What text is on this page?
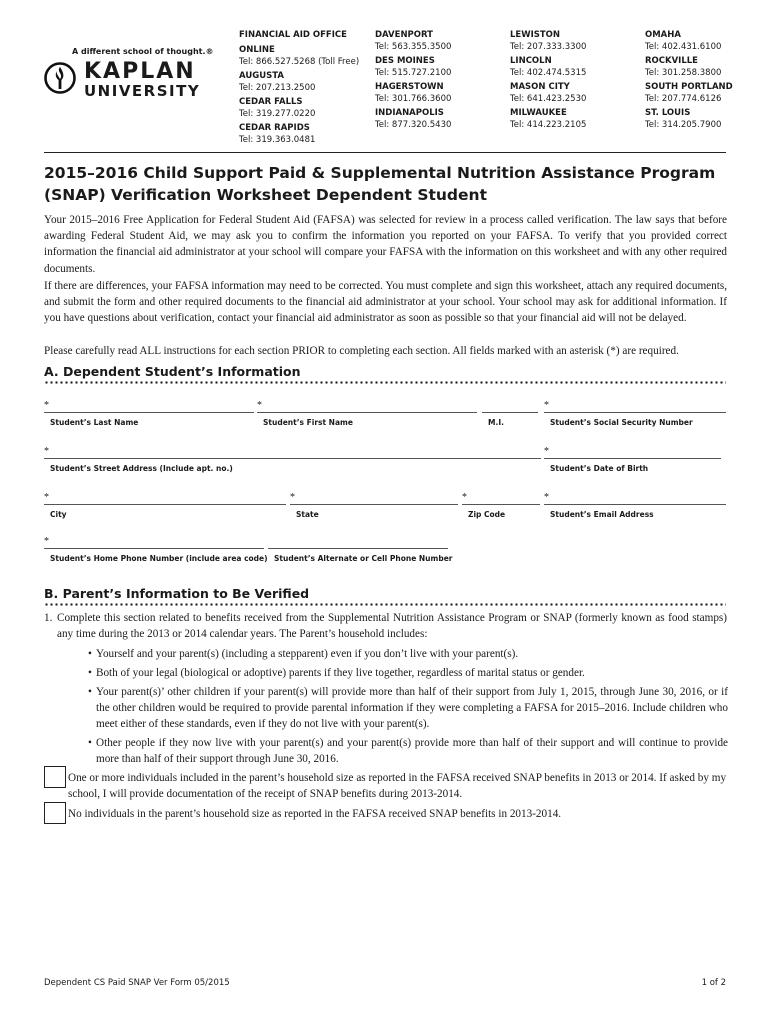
A different school of thought.®
KAPLAN
UNIVERSITY
FINANCIAL AID OFFICE
ONLINE
Tel: 866.527.5268 (Toll Free)
AUGUSTA
Tel: 207.213.2500
CEDAR FALLS
Tel: 319.277.0220
CEDAR RAPIDS
Tel: 319.363.0481
DAVENPORT
Tel: 563.355.3500
DES MOINES
Tel: 515.727.2100
HAGERSTOWN
Tel: 301.766.3600
INDIANAPOLIS
Tel: 877.320.5430
LEWISTON
Tel: 207.333.3300
LINCOLN
Tel: 402.474.5315
MASON CITY
Tel: 641.423.2530
MILWAUKEE
Tel: 414.223.2105
OMAHA
Tel: 402.431.6100
ROCKVILLE
Tel: 301.258.3800
SOUTH PORTLAND
Tel: 207.774.6126
ST. LOUIS
Tel: 314.205.7900
2015–2016 Child Support Paid & Supplemental Nutrition Assistance Program (SNAP) Verification Worksheet Dependent Student

Your 2015–2016 Free Application for Federal Student Aid (FAFSA) was selected for review in a process called verification. The law says that before awarding Federal Student Aid, we may ask you to confirm the information you reported on your FAFSA. To verify that you provided correct information the financial aid administrator at your school will compare your FAFSA with the information on this worksheet and with any other required documents.

If there are differences, your FAFSA information may need to be corrected. You must complete and sign this worksheet, attach any required documents, and submit the form and other required documents to the financial aid administrator at your school. Your school may ask for additional information. If you have questions about verification, contact your financial aid administrator as soon as possible so that your financial aid will not be delayed.

Please carefully read ALL instructions for each section PRIOR to completing each section. All fields marked with an asterisk (*) are required.

A. Dependent Student’s Information
*
Student’s Last Name
*
Student’s First Name	M.I.
*
Student’s Social Security Number
*
Student’s Street Address (Include apt. no.)
*
Student’s Date of Birth
*
City
*
State
*
Zip Code
*
Student’s Email Address
*
Student’s Home Phone Number (include area code) Student’s Alternate or Cell Phone Number
B. Parent’s Information to Be Verified
1. Complete this section related to benefits received from the Supplemental Nutrition Assistance Program or SNAP (formerly known as food stamps) any time during the 2013 or 2014 calendar years. The Parent’s household includes:
• Yourself and your parent(s) (including a stepparent) even if you don’t live with your parent(s).
• Both of your legal (biological or adoptive) parents if they live together, regardless of marital status or gender.
• Your parent(s)’ other children if your parent(s) will provide more than half of their support from July 1, 2015, through June 30, 2016, or if the other children would be required to provide parental information if they were completing a FAFSA for 2015–2016. Include children who meet either of these standards, even if they do not live with your parent(s).
• Other people if they now live with your parent(s) and your parent(s) provide more than half of their support and will continue to provide more than half of their support through June 30, 2016.
One or more individuals included in the parent’s household size as reported in the FAFSA received SNAP benefits in 2013 or 2014. If asked by my school, I will provide documentation of the receipt of SNAP benefits during 2013-2014.
No individuals in the parent’s household size as reported in the FAFSA received SNAP benefits in 2013-2014.
Dependent CS Paid SNAP Ver Form 05/2015	1 of 2
